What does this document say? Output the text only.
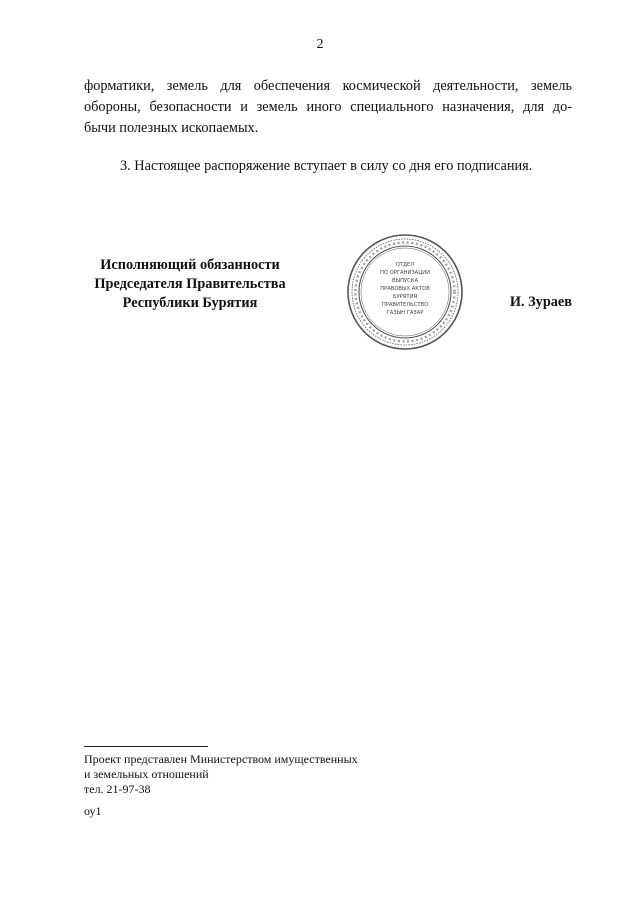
2
форматики, земель для обеспечения космической деятельности, земель
обороны, безопасности и земель иного специального назначения, для до-
бычи полезных ископаемых.
3. Настоящее распоряжение вступает в силу со дня его подписания.
Исполняющий обязанности
Председателя Правительства
Республики Бурятия
ОТДЕЛ
ПО ОРГАНИЗАЦИИ
ВЫПУСКА
ПРАВОВЫХ АКТОВ
БУРЯТИЯ
ПРАВИТЕЛЬСТВО
ГАЗЫН ГАЗАР
И. Зураев
Проект представлен Министерством имущественных
и земельных отношений
тел. 21-97-38
оу1
